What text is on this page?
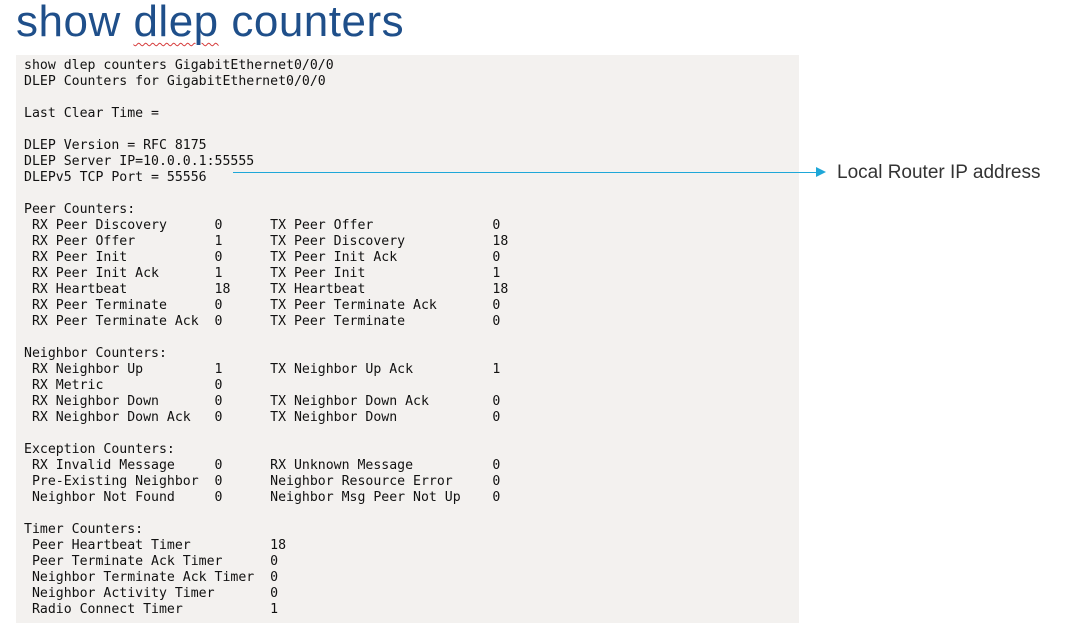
show dlep counters
show dlep counters GigabitEthernet0/0/0
DLEP Counters for GigabitEthernet0/0/0
Last Clear Time =
DLEP Version = RFC 8175
DLEP Server IP=10.0.0.1:55555
DLEPv5 TCP Port = 55556
Peer Counters:
RX Peer Discovery      0      TX Peer Offer               0
RX Peer Offer          1      TX Peer Discovery           18
RX Peer Init           0      TX Peer Init Ack            0
RX Peer Init Ack       1      TX Peer Init                1
RX Heartbeat           18     TX Heartbeat                18
RX Peer Terminate      0      TX Peer Terminate Ack       0
RX Peer Terminate Ack  0      TX Peer Terminate           0
Neighbor Counters:
RX Neighbor Up         1      TX Neighbor Up Ack          1
RX Metric              0
RX Neighbor Down       0      TX Neighbor Down Ack        0
RX Neighbor Down Ack   0      TX Neighbor Down            0
Exception Counters:
RX Invalid Message     0      RX Unknown Message          0
Pre-Existing Neighbor  0      Neighbor Resource Error     0
Neighbor Not Found     0      Neighbor Msg Peer Not Up    0
Timer Counters:
Peer Heartbeat Timer          18
Peer Terminate Ack Timer      0
Neighbor Terminate Ack Timer  0
Neighbor Activity Timer       0
Radio Connect Timer           1
Local Router IP address
